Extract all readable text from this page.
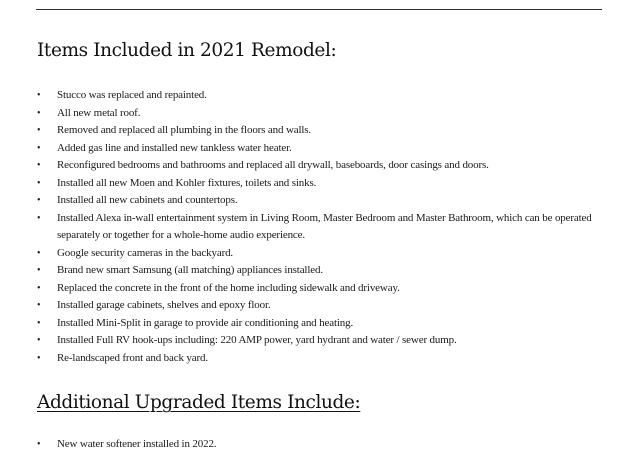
Items Included in 2021 Remodel:
• Stucco was replaced and repainted.
• All new metal roof.
• Removed and replaced all plumbing in the floors and walls.
• Added gas line and installed new tankless water heater.
• Reconfigured bedrooms and bathrooms and replaced all drywall, baseboards, door casings and doors.
• Installed all new Moen and Kohler fixtures, toilets and sinks.
• Installed all new cabinets and countertops.
• Installed Alexa in-wall entertainment system in Living Room, Master Bedroom and Master Bathroom, which can be operated separately or together for a whole-home audio experience.
• Google security cameras in the backyard.
• Brand new smart Samsung (all matching) appliances installed.
• Replaced the concrete in the front of the home including sidewalk and driveway.
• Installed garage cabinets, shelves and epoxy floor.
• Installed Mini-Split in garage to provide air conditioning and heating.
• Installed Full RV hook-ups including: 220 AMP power, yard hydrant and water / sewer dump.
• Re-landscaped front and back yard.
Additional Upgraded Items Include:
• New water softener installed in 2022.
